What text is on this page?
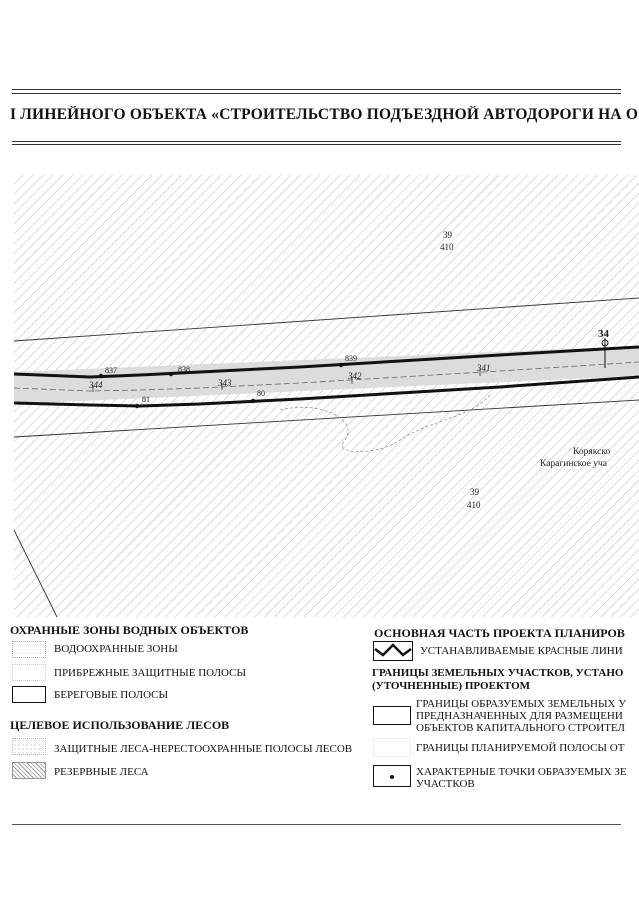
І ЛИНЕЙНОГО ОБЪЕКТА «СТРОИТЕЛЬСТВО ПОДЪЕЗДНОЙ АВТОДОРОГИ НА О
34
837	838
839
81
80
344	343
342
341
39
410
39
410
Корякско
Карагинское уча
ОХРАННЫЕ ЗОНЫ ВОДНЫХ ОБЪЕКТОВ
ВОДООХРАННЫЕ ЗОНЫ
ПРИБРЕЖНЫЕ ЗАЩИТНЫЕ ПОЛОСЫ
БЕРЕГОВЫЕ ПОЛОСЫ
ЦЕЛЕВОЕ ИСПОЛЬЗОВАНИЕ ЛЕСОВ
ЗАЩИТНЫЕ ЛЕСА-НЕРЕСТООХРАННЫЕ ПОЛОСЫ ЛЕСОВ
РЕЗЕРВНЫЕ ЛЕСА
ОСНОВНАЯ ЧАСТЬ ПРОЕКТА ПЛАНИРОВ
УСТАНАВЛИВАЕМЫЕ КРАСНЫЕ ЛИНИ
ГРАНИЦЫ ЗЕМЕЛЬНЫХ УЧАСТКОВ, УСТАНО
(УТОЧНЕННЫЕ) ПРОЕКТОМ
ГРАНИЦЫ ОБРАЗУЕМЫХ ЗЕМЕЛЬНЫХ У
ПРЕДНАЗНАЧЕННЫХ ДЛЯ РАЗМЕЩЕНИ
ОБЪЕКТОВ КАПИТАЛЬНОГО СТРОИТЕЛ
ГРАНИЦЫ ПЛАНИРУЕМОЙ ПОЛОСЫ ОТ
ХАРАКТЕРНЫЕ ТОЧКИ ОБРАЗУЕМЫХ ЗЕ
УЧАСТКОВ
